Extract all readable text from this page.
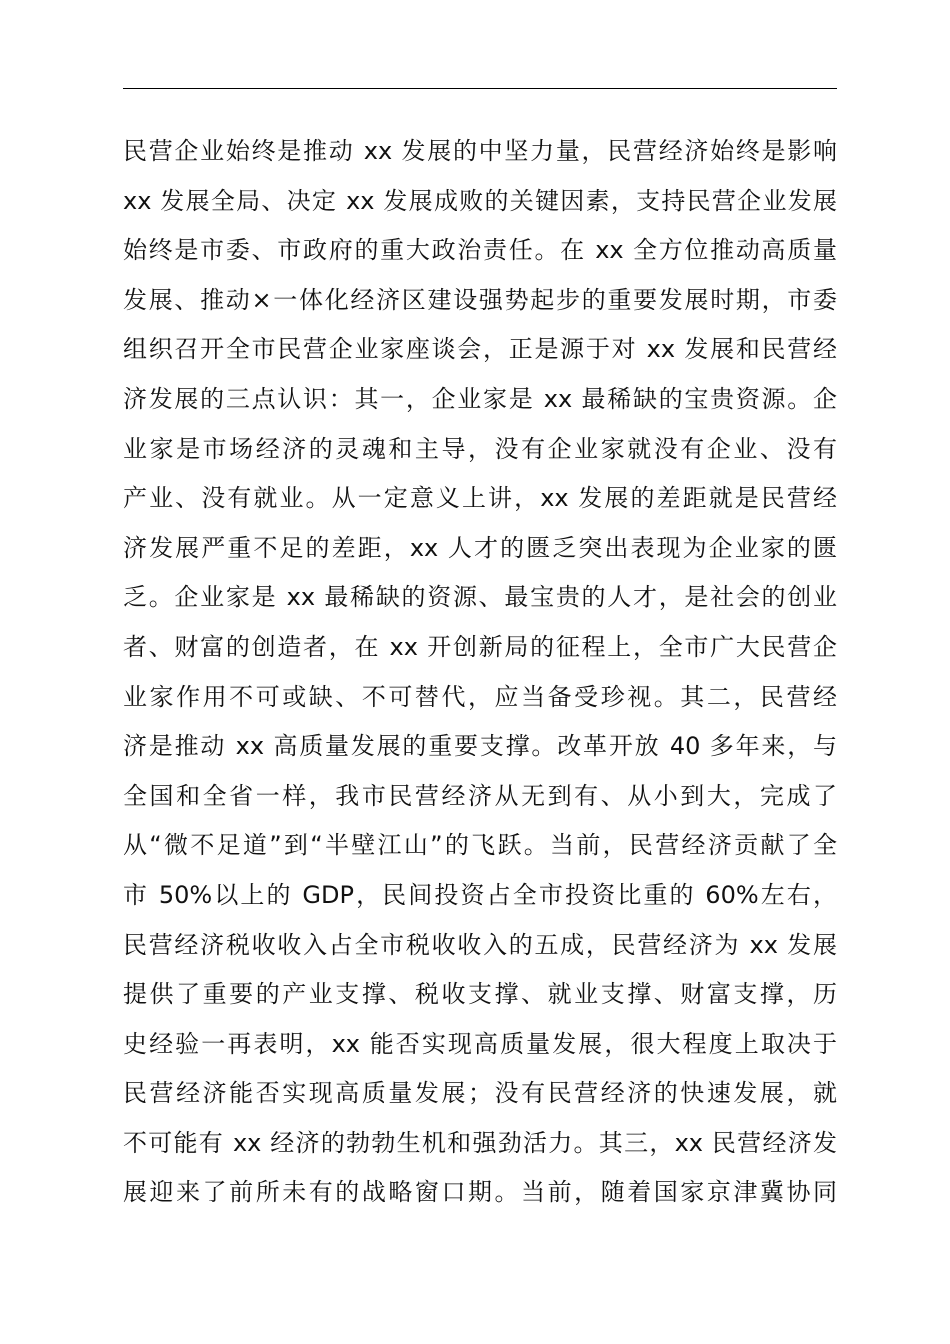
民营企业始终是推动 xx 发展的中坚力量，民营经济始终是影响
xx 发展全局、决定 xx 发展成败的关键因素，支持民营企业发展
始终是市委、市政府的重大政治责任。在 xx 全方位推动高质量
发展、推动×一体化经济区建设强势起步的重要发展时期，市委
组织召开全市民营企业家座谈会，正是源于对 xx 发展和民营经
济发展的三点认识：其一，企业家是 xx 最稀缺的宝贵资源。企
业家是市场经济的灵魂和主导，没有企业家就没有企业、没有
产业、没有就业。从一定意义上讲，xx 发展的差距就是民营经
济发展严重不足的差距，xx 人才的匮乏突出表现为企业家的匮
乏。企业家是 xx 最稀缺的资源、最宝贵的人才，是社会的创业
者、财富的创造者，在 xx 开创新局的征程上，全市广大民营企
业家作用不可或缺、不可替代，应当备受珍视。其二，民营经
济是推动 xx 高质量发展的重要支撑。改革开放 40 多年来，与
全国和全省一样，我市民营经济从无到有、从小到大，完成了
从“微不足道”到“半壁江山”的飞跃。当前，民营经济贡献了全
市 50%以上的 GDP，民间投资占全市投资比重的 60%左右，
民营经济税收收入占全市税收收入的五成，民营经济为 xx 发展
提供了重要的产业支撑、税收支撑、就业支撑、财富支撑，历
史经验一再表明，xx 能否实现高质量发展，很大程度上取决于
民营经济能否实现高质量发展；没有民营经济的快速发展，就
不可能有 xx 经济的勃勃生机和强劲活力。其三，xx 民营经济发
展迎来了前所未有的战略窗口期。当前，随着国家京津冀协同
